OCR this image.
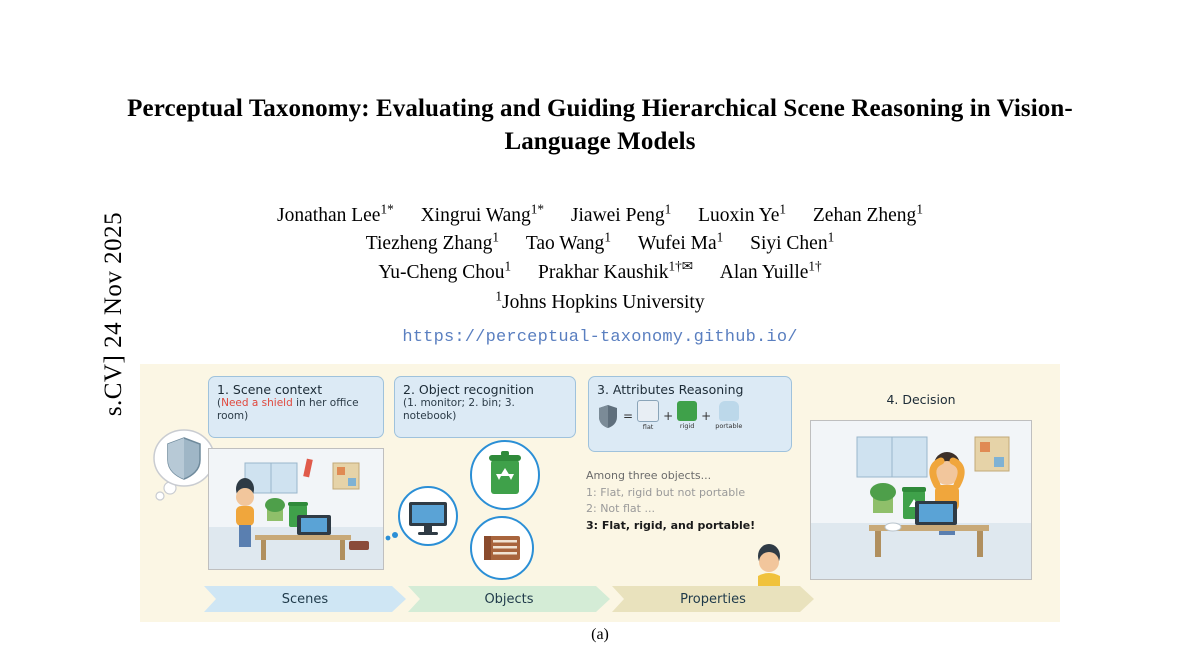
s.CV] 24 Nov 2025
Perceptual Taxonomy: Evaluating and Guiding Hierarchical Scene Reasoning in Vision-Language Models
Jonathan Lee$^{1*}$ Xingrui Wang$^{1*}$ Jiawei Peng$^1$ Luoxin Ye$^1$ Zehan Zheng$^1$
Tiezheng Zhang$^1$ Tao Wang$^1$ Wufei Ma$^1$ Siyi Chen$^1$
Yu-Cheng Chou$^1$ Prakhar Kaushik$^{1\dagger✉}$ Alan Yuille$^{1\dagger}$
$^1$Johns Hopkins University
https://perceptual-taxonomy.github.io/
1. Scene context
(Need a shield in her office room)
2. Object recognition
(1. monitor; 2. bin; 3. notebook)
3. Attributes Reasoning
=
flat
+
rigid
+
portable
Among three objects...
1: Flat, rigid but not portable
2: Not flat ...
3: Flat, rigid, and portable!
4. Decision
Scenes	Objects	Properties
(a)
